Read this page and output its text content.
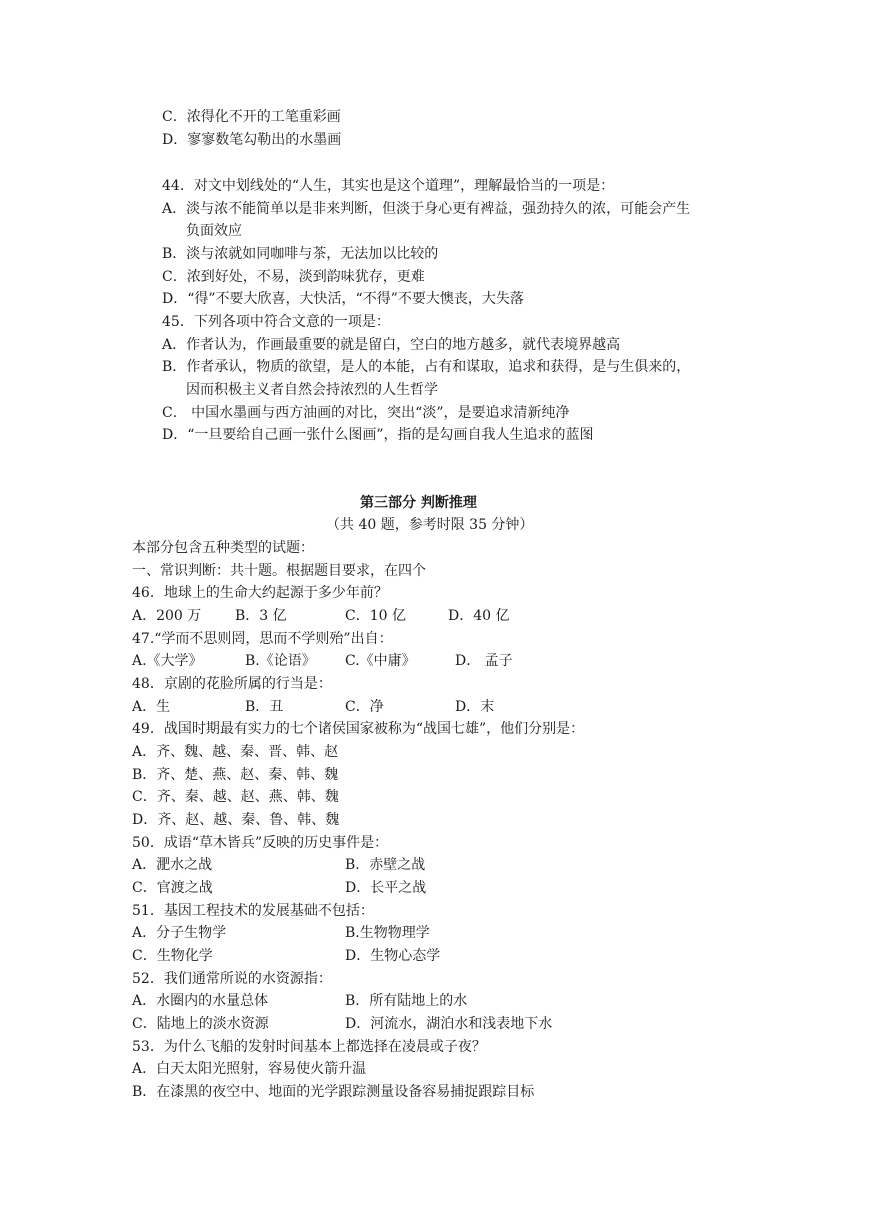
C．浓得化不开的工笔重彩画
D．寥寥数笔勾勒出的水墨画
44．对文中划线处的“人生，其实也是这个道理”，理解最恰当的一项是：
A．淡与浓不能简单以是非来判断，但淡于身心更有裨益，强劲持久的浓，可能会产生
负面效应
B．淡与浓就如同咖啡与茶，无法加以比较的
C．浓到好处，不易，淡到韵味犹存，更难
D．“得”不要大欣喜，大快活，“不得”不要大懊丧，大失落
45．下列各项中符合文意的一项是：
A．作者认为，作画最重要的就是留白，空白的地方越多，就代表境界越高
B．作者承认，物质的欲望，是人的本能，占有和谋取，追求和获得，是与生俱来的，
因而积极主义者自然会持浓烈的人生哲学
C． 中国水墨画与西方油画的对比，突出“淡”，是要追求清新纯净
D．“一旦要给自己画一张什么图画”，指的是勾画自我人生追求的蓝图
第三部分 判断推理
（共 40 题，参考时限 35 分钟）
本部分包含五种类型的试题：
一、常识判断：共十题。根据题目要求，在四个
46．地球上的生命大约起源于多少年前？
A．200 万 B．3 亿	C．10 亿	D．40 亿
47.“学而不思则罔，思而不学则殆”出自：
A.《大学》	B.《论语》 C.《中庸》	D． 孟子
48．京剧的花脸所属的行当是：
A．生	B．丑	C．净	D．末
49．战国时期最有实力的七个诸侯国家被称为“战国七雄”，他们分别是：
A．齐、魏、越、秦、晋、韩、赵
B．齐、楚、燕、赵、秦、韩、魏
C．齐、秦、越、赵、燕、韩、魏
D．齐、赵、越、秦、鲁、韩、魏
50．成语“草木皆兵”反映的历史事件是：
A．淝水之战	B．赤壁之战
C．官渡之战	D．长平之战
51．基因工程技术的发展基础不包括：
A．分子生物学	B.生物物理学
C．生物化学	D．生物心态学
52．我们通常所说的水资源指：
A．水圈内的水量总体	B．所有陆地上的水
C．陆地上的淡水资源	D．河流水，湖泊水和浅表地下水
53．为什么飞船的发射时间基本上都选择在凌晨或子夜？
A．白天太阳光照射，容易使火箭升温
B．在漆黑的夜空中、地面的光学跟踪测量设备容易捕捉跟踪目标
